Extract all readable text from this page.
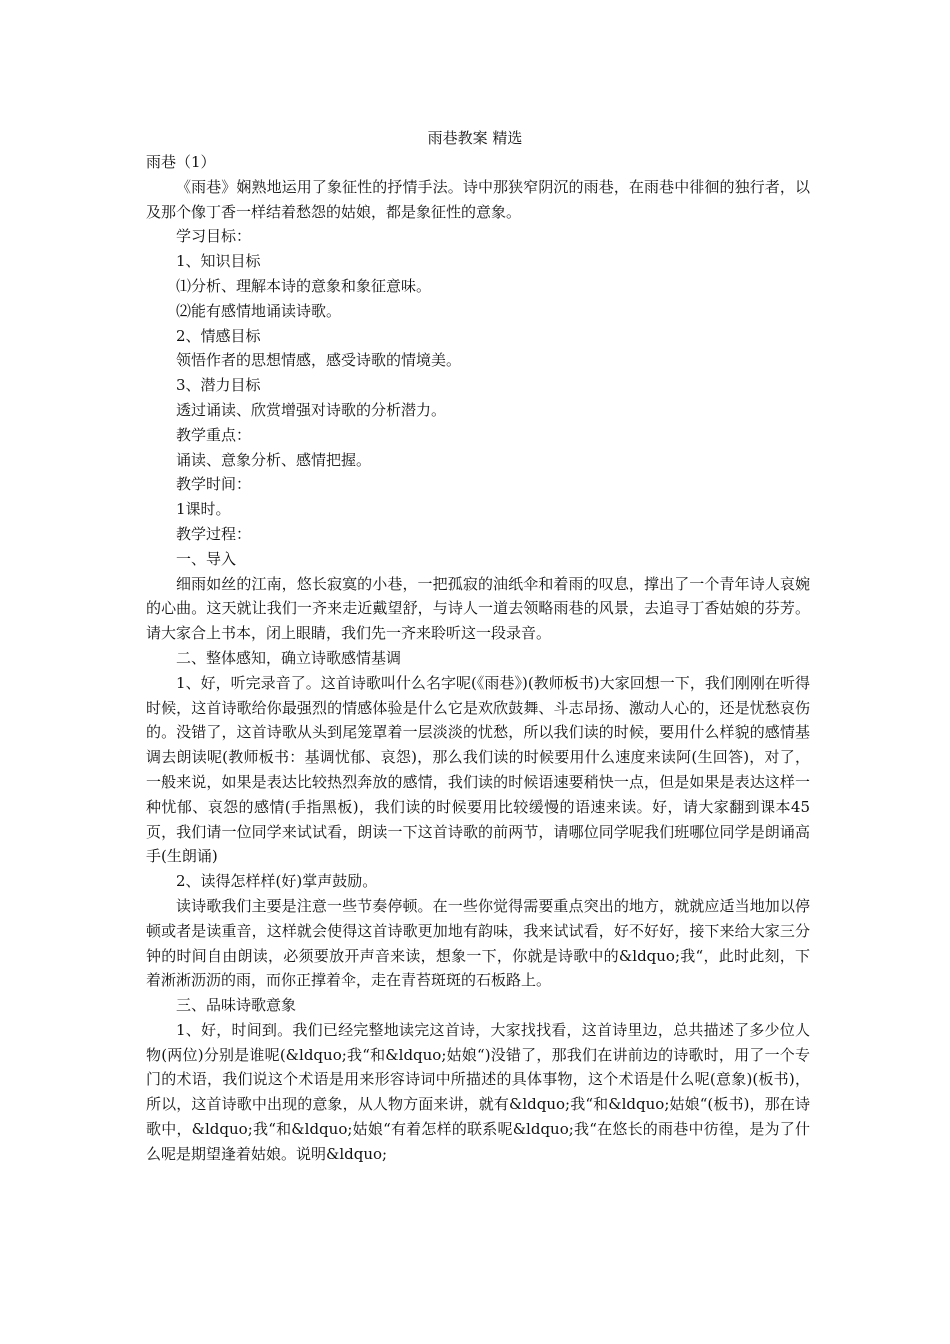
雨巷教案 精选

雨巷（1）

《雨巷》娴熟地运用了象征性的抒情手法。诗中那狭窄阴沉的雨巷，在雨巷中徘徊的独行者，以及那个像丁香一样结着愁怨的姑娘，都是象征性的意象。

学习目标：

1、知识目标

⑴分析、理解本诗的意象和象征意味。

⑵能有感情地诵读诗歌。

2、情感目标

领悟作者的思想情感，感受诗歌的情境美。

3、潜力目标

透过诵读、欣赏增强对诗歌的分析潜力。

教学重点：

诵读、意象分析、感情把握。

教学时间：

1课时。

教学过程：

一、导入

细雨如丝的江南，悠长寂寞的小巷，一把孤寂的油纸伞和着雨的叹息，撑出了一个青年诗人哀婉的心曲。这天就让我们一齐来走近戴望舒，与诗人一道去领略雨巷的风景，去追寻丁香姑娘的芬芳。请大家合上书本，闭上眼睛，我们先一齐来聆听这一段录音。

二、整体感知，确立诗歌感情基调

1、好，听完录音了。这首诗歌叫什么名字呢(《雨巷》)(教师板书)大家回想一下，我们刚刚在听得时候，这首诗歌给你最强烈的情感体验是什么它是欢欣鼓舞、斗志昂扬、激动人心的，还是忧愁哀伤的。没错了，这首诗歌从头到尾笼罩着一层淡淡的忧愁，所以我们读的时候，要用什么样貌的感情基调去朗读呢(教师板书：基调忧郁、哀怨)，那么我们读的时候要用什么速度来读阿(生回答)，对了，一般来说，如果是表达比较热烈奔放的感情，我们读的时候语速要稍快一点，但是如果是表达这样一种忧郁、哀怨的感情(手指黑板)，我们读的时候要用比较缓慢的语速来读。好，请大家翻到课本45页，我们请一位同学来试试看，朗读一下这首诗歌的前两节，请哪位同学呢我们班哪位同学是朗诵高手(生朗诵)

2、读得怎样样(好)掌声鼓励。

读诗歌我们主要是注意一些节奏停顿。在一些你觉得需要重点突出的地方，就就应适当地加以停顿或者是读重音，这样就会使得这首诗歌更加地有韵味，我来试试看，好不好好，接下来给大家三分钟的时间自由朗读，必须要放开声音来读，想象一下，你就是诗歌中的&ldquo;我“，此时此刻，下着淅淅沥沥的雨，而你正撑着伞，走在青苔斑斑的石板路上。

三、品味诗歌意象

1、好，时间到。我们已经完整地读完这首诗，大家找找看，这首诗里边，总共描述了多少位人物(两位)分别是谁呢(&ldquo;我“和&ldquo;姑娘“)没错了，那我们在讲前边的诗歌时，用了一个专门的术语，我们说这个术语是用来形容诗词中所描述的具体事物，这个术语是什么呢(意象)(板书)，所以，这首诗歌中出现的意象，从人物方面来讲，就有&ldquo;我“和&ldquo;姑娘“(板书)，那在诗歌中，&ldquo;我“和&ldquo;姑娘“有着怎样的联系呢&ldquo;我“在悠长的雨巷中彷徨，是为了什么呢是期望逢着姑娘。说明&ldquo;
